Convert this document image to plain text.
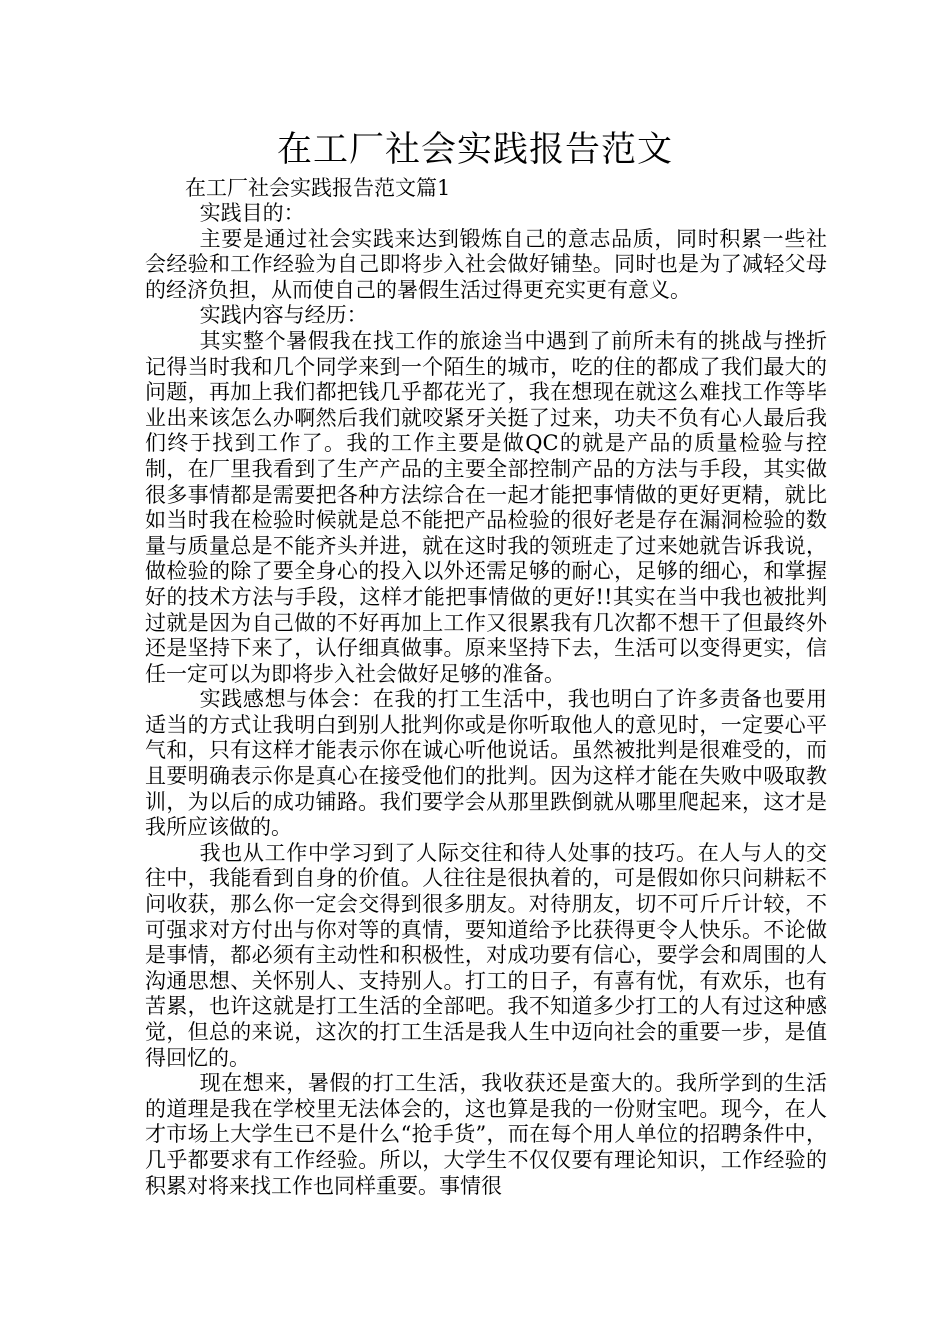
在工厂社会实践报告范文
在工厂社会实践报告范文篇1

实践目的：

主要是通过社会实践来达到锻炼自己的意志品质，同时积累一些社会经验和工作经验为自己即将步入社会做好铺垫。同时也是为了减轻父母的经济负担，从而使自己的暑假生活过得更充实更有意义。

实践内容与经历：

其实整个暑假我在找工作的旅途当中遇到了前所未有的挑战与挫折记得当时我和几个同学来到一个陌生的城市，吃的住的都成了我们最大的问题，再加上我们都把钱几乎都花光了，我在想现在就这么难找工作等毕业出来该怎么办啊然后我们就咬紧牙关挺了过来，功夫不负有心人最后我们终于找到工作了。我的工作主要是做QC的就是产品的质量检验与控制，在厂里我看到了生产产品的主要全部控制产品的方法与手段，其实做很多事情都是需要把各种方法综合在一起才能把事情做的更好更精，就比如当时我在检验时候就是总不能把产品检验的很好老是存在漏洞检验的数量与质量总是不能齐头并进，就在这时我的领班走了过来她就告诉我说，做检验的除了要全身心的投入以外还需足够的耐心，足够的细心，和掌握好的技术方法与手段，这样才能把事情做的更好!!其实在当中我也被批判过就是因为自己做的不好再加上工作又很累我有几次都不想干了但最终外还是坚持下来了，认仔细真做事。原来坚持下去，生活可以变得更实，信任一定可以为即将步入社会做好足够的准备。

实践感想与体会：在我的打工生活中，我也明白了许多责备也要用适当的方式让我明白到别人批判你或是你听取他人的意见时，一定要心平气和，只有这样才能表示你在诚心听他说话。虽然被批判是很难受的，而且要明确表示你是真心在接受他们的批判。因为这样才能在失败中吸取教训，为以后的成功铺路。我们要学会从那里跌倒就从哪里爬起来，这才是我所应该做的。

我也从工作中学习到了人际交往和待人处事的技巧。在人与人的交往中，我能看到自身的价值。人往往是很执着的，可是假如你只问耕耘不问收获，那么你一定会交得到很多朋友。对待朋友，切不可斤斤计较，不可强求对方付出与你对等的真情，要知道给予比获得更令人快乐。不论做是事情，都必须有主动性和积极性，对成功要有信心，要学会和周围的人沟通思想、关怀别人、支持别人。打工的日子，有喜有忧，有欢乐，也有苦累，也许这就是打工生活的全部吧。我不知道多少打工的人有过这种感觉，但总的来说，这次的打工生活是我人生中迈向社会的重要一步，是值得回忆的。

现在想来，暑假的打工生活，我收获还是蛮大的。我所学到的生活的道理是我在学校里无法体会的，这也算是我的一份财宝吧。现今，在人才市场上大学生已不是什么“抢手货”，而在每个用人单位的招聘条件中，几乎都要求有工作经验。所以，大学生不仅仅要有理论知识，工作经验的积累对将来找工作也同样重要。事情很
